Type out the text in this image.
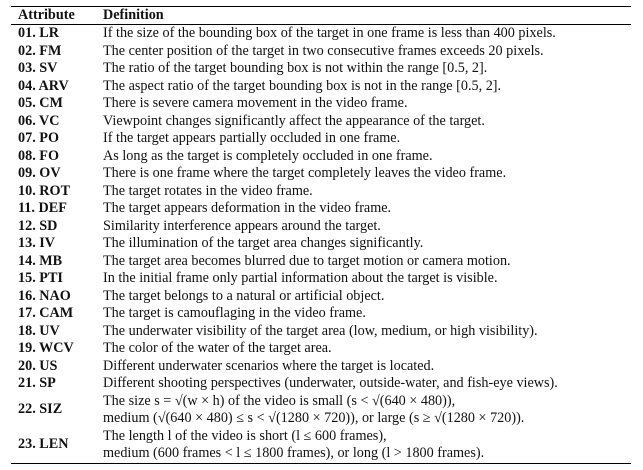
Attribute	Definition
01. LR	If the size of the bounding box of the target in one frame is less than 400 pixels.

02. FM	The center position of the target in two consecutive frames exceeds 20 pixels.

03. SV	The ratio of the target bounding box is not within the range [0.5, 2].

04. ARV	The aspect ratio of the target bounding box is not in the range [0.5, 2].

05. CM	There is severe camera movement in the video frame.

06. VC	Viewpoint changes significantly affect the appearance of the target.

07. PO	If the target appears partially occluded in one frame.

08. FO	As long as the target is completely occluded in one frame.

09. OV	There is one frame where the target completely leaves the video frame.

10. ROT	The target rotates in the video frame.

11. DEF	The target appears deformation in the video frame.

12. SD	Similarity interference appears around the target.

13. IV	The illumination of the target area changes significantly.

14. MB	The target area becomes blurred due to target motion or camera motion.

15. PTI	In the initial frame only partial information about the target is visible.

16. NAO	The target belongs to a natural or artificial object.

17. CAM	The target is camouflaging in the video frame.

18. UV	The underwater visibility of the target area (low, medium, or high visibility).

19. WCV	The color of the water of the target area.

20. US	Different underwater scenarios where the target is located.

21. SP	Different shooting perspectives (underwater, outside-water, and fish-eye views).

22. SIZ	The size s = √(w × h) of the video is small (s < √(640 × 480)),
medium (√(640 × 480) ≤ s < √(1280 × 720)), or large (s ≥ √(1280 × 720)).

23. LEN	The length l of the video is short (l ≤ 600 frames),
medium (600 frames < l ≤ 1800 frames), or long (l > 1800 frames).
